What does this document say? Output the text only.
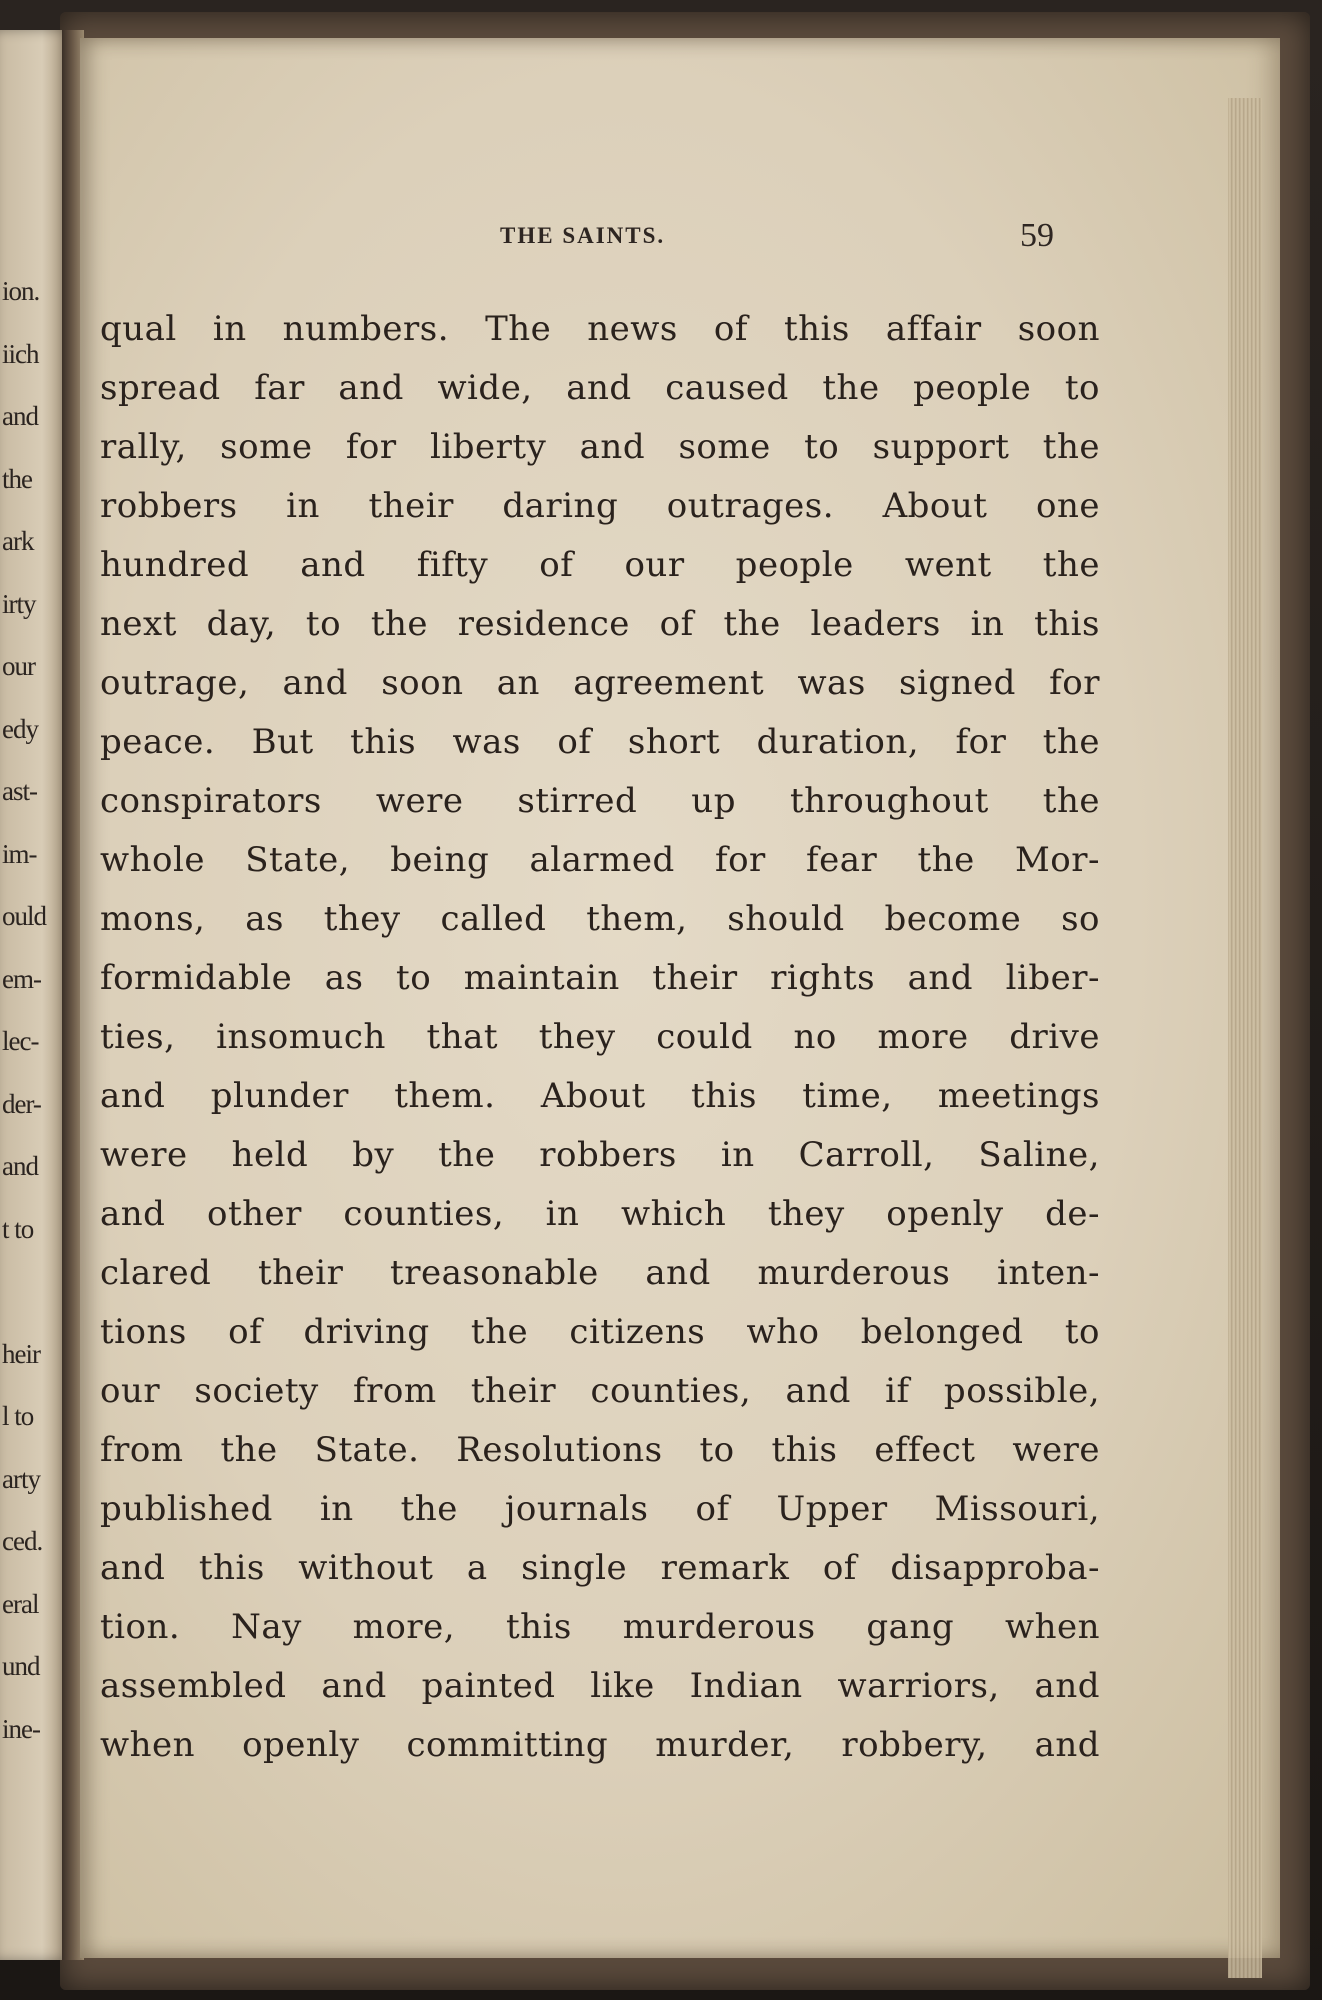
ion.
iich
and
the
ark
irty
our
edy
ast-
im-
ould
em-
lec-
der-
and
t to
heir
l to
arty
ced.
eral
und
ine-
THE SAINTS.	59
qual in numbers. The news of this affair soon
spread far and wide, and caused the people to
rally, some for liberty and some to support the
robbers in their daring outrages. About one
hundred and fifty of our people went the
next day, to the residence of the leaders in this
outrage, and soon an agreement was signed for
peace. But this was of short duration, for the
conspirators were stirred up throughout the
whole State, being alarmed for fear the Mor-
mons, as they called them, should become so
formidable as to maintain their rights and liber-
ties, insomuch that they could no more drive
and plunder them. About this time, meetings
were held by the robbers in Carroll, Saline,
and other counties, in which they openly de-
clared their treasonable and murderous inten-
tions of driving the citizens who belonged to
our society from their counties, and if possible,
from the State. Resolutions to this effect were
published in the journals of Upper Missouri,
and this without a single remark of disapproba-
tion. Nay more, this murderous gang when
assembled and painted like Indian warriors, and
when openly committing murder, robbery, and
